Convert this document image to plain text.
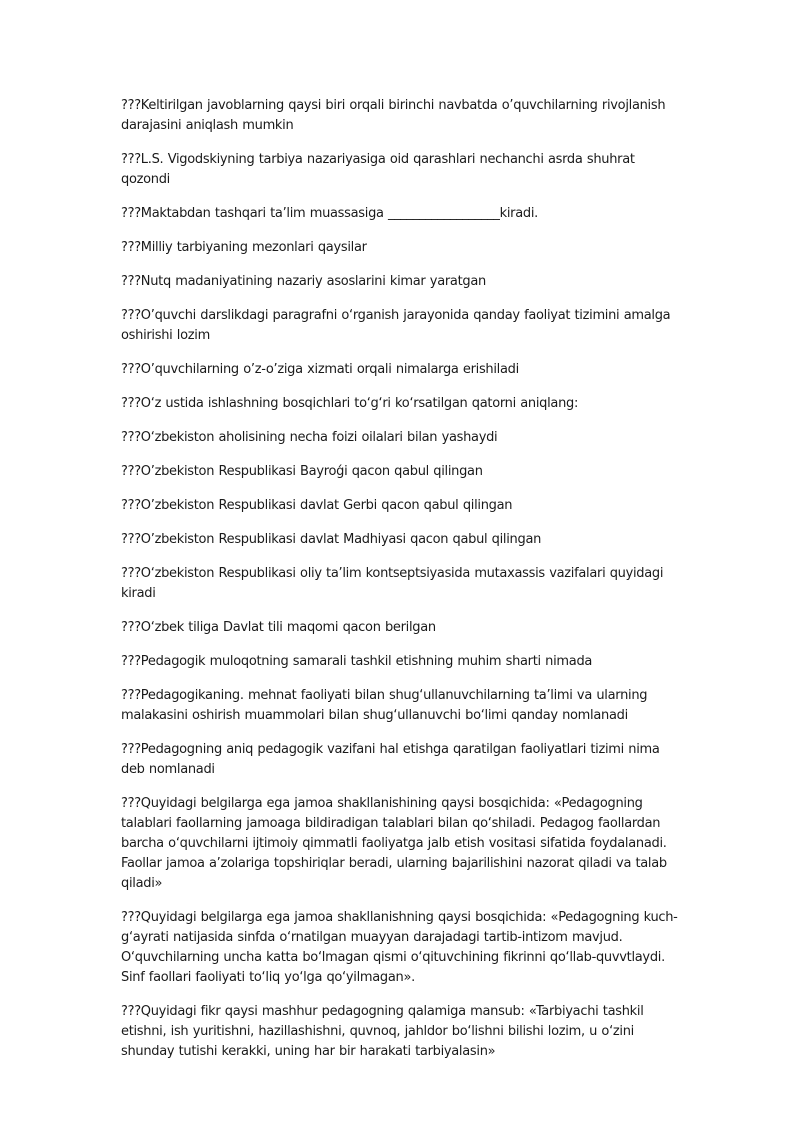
???Keltirilgan javoblarning qaysi biri orqali birinchi navbatda o’quvchilarning rivojlanish darajasini aniqlash mumkin
???L.S. Vigodskiyning tarbiya nazariyasiga oid qarashlari nechanchi asrda shuhrat qozondi
???Maktabdan tashqari ta’lim muassasiga __________________kiradi.
???Milliy tarbiyaning mezonlari qaysilar
???Nutq madaniyatining nazariy asoslarini kimar yaratgan
???O’quvchi darslikdagi paragrafni o‘rganish jarayonida qanday faoliyat tizimini amalga oshirishi lozim
???O’quvchilarning o’z-o’ziga xizmati orqali nimalarga erishiladi
???O‘z ustida ishlashning bosqichlari to‘g‘ri ko‘rsatilgan qatorni aniqlang:
???O‘zbekiston aholisining necha foizi oilalari bilan yashaydi
???O’zbekiston Respublikasi Bayroǵi qacon qabul qilingan
???O’zbekiston Respublikasi davlat Gerbi qacon qabul qilingan
???O’zbekiston Respublikasi davlat Madhiyasi qacon qabul qilingan
???O‘zbekiston Respublikasi oliy ta’lim kontseptsiyasida mutaxassis vazifalari quyidagi kiradi
???O‘zbek tiliga Davlat tili maqomi qacon berilgan
???Pedagogik muloqotning samarali tashkil etishning muhim sharti nimada
???Pedagogikaning. mehnat faoliyati bilan shug‘ullanuvchilarning ta’limi va ularning malakasini oshirish muammolari bilan shug‘ullanuvchi bo‘limi qanday nomlanadi
???Pedagogning aniq pedagogik vazifani hal etishga qaratilgan faoliyatlari tizimi nima deb nomlanadi
???Quyidagi belgilarga ega jamoa shakllanishining qaysi bosqichida: «Pedagogning talablari faollarning jamoaga bildiradigan talablari bilan qo‘shiladi. Pedagog faollardan barcha o‘quvchilarni ijtimoiy qimmatli faoliyatga jalb etish vositasi sifatida foydalanadi. Faollar jamoa a’zolariga topshiriqlar beradi, ularning bajarilishini nazorat qiladi va talab qiladi»
???Quyidagi belgilarga ega jamoa shakllanishning qaysi bosqichida: «Pedagogning kuch-g‘ayrati natijasida sinfda o‘rnatilgan muayyan darajadagi tartib-intizom mavjud. O‘quvchilarning uncha katta bo‘lmagan qismi o‘qituvchining fikrinni qo‘llab-quvvtlaydi. Sinf faollari faoliyati to‘liq yo‘lga qo‘yilmagan».
???Quyidagi fikr qaysi mashhur pedagogning qalamiga mansub: «Tarbiyachi tashkil etishni, ish yuritishni, hazillashishni, quvnoq, jahldor bo‘lishni bilishi lozim, u o‘zini shunday tutishi kerakki, uning har bir harakati tarbiyalasin»
